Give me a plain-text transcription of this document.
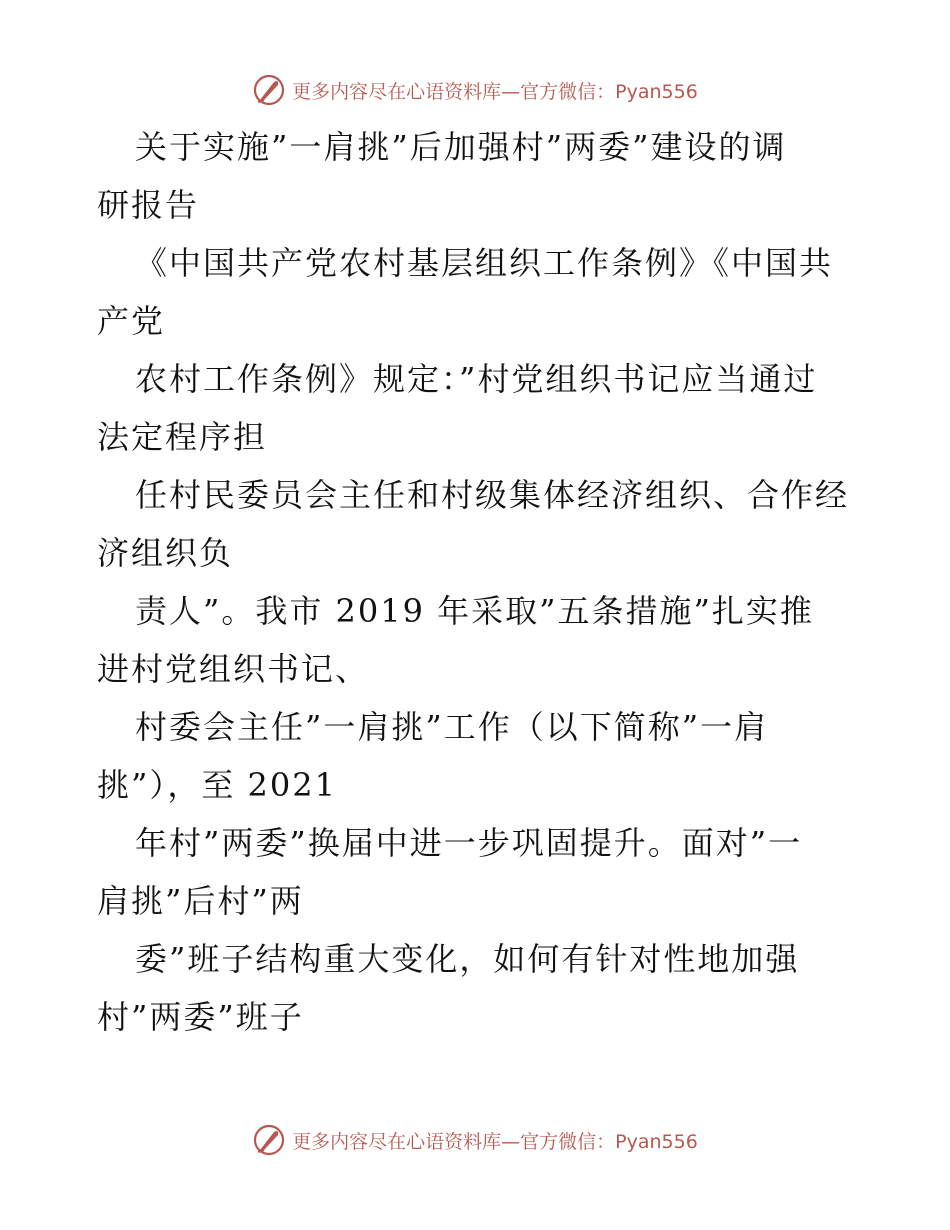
更多内容尽在心语资料库—官方微信：Pyan556
关于实施”一肩挑”后加强村”两委”建设的调
研报告
《中国共产党农村基层组织工作条例》《中国共
产党
农村工作条例》规定：”村党组织书记应当通过
法定程序担
任村民委员会主任和村级集体经济组织、合作经
济组织负
责人”。我市 2019 年采取”五条措施”扎实推
进村党组织书记、
村委会主任”一肩挑”工作（以下简称”一肩
挑”），至 2021
年村”两委”换届中进一步巩固提升。面对”一
肩挑”后村”两
委”班子结构重大变化，如何有针对性地加强
村”两委”班子
更多内容尽在心语资料库—官方微信：Pyan556
